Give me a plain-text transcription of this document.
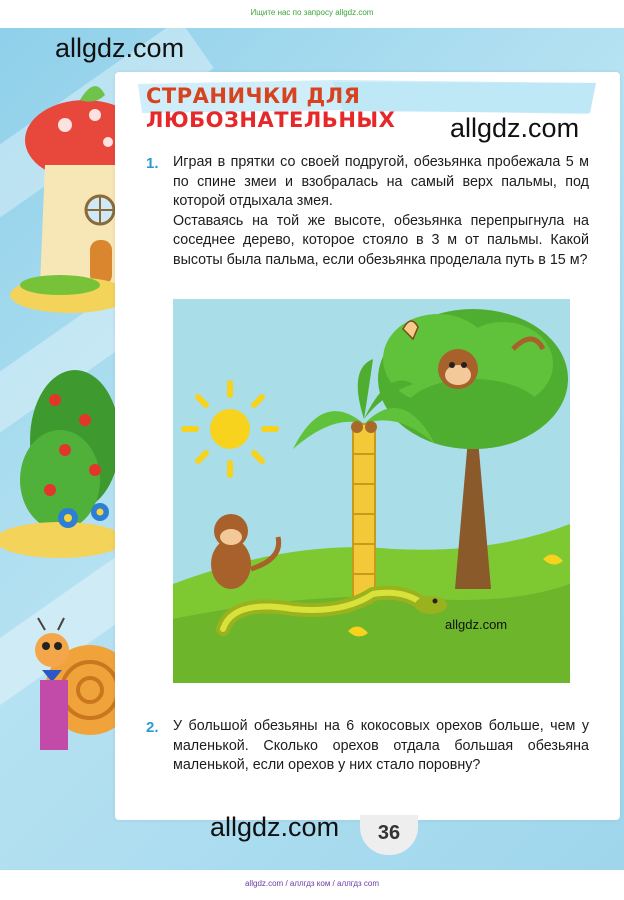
Ищите нас по запросу allgdz.com
allgdz.com
СТРАНИЧКИ ДЛЯ ЛЮБОЗНАТЕЛЬНЫХ	allgdz.com
1. Играя в прятки со своей подругой, обезьянка пробежала 5 м по спине змеи и взобралась на самый верх пальмы, под которой отдыхала змея.
Оставаясь на той же высоте, обезьянка перепрыгнула на соседнее дерево, которое стояло в 3 м от пальмы. Какой высоты была пальма, если обезьянка проделала путь в 15 м?
allgdz.com
2. У большой обезьяны на 6 кокосовых орехов больше, чем у маленькой. Сколько орехов отдала большая обезьяна маленькой, если орехов у них стало поровну?
allgdz.com	36
allgdz.com / аллгдз ком / аллгдз com
